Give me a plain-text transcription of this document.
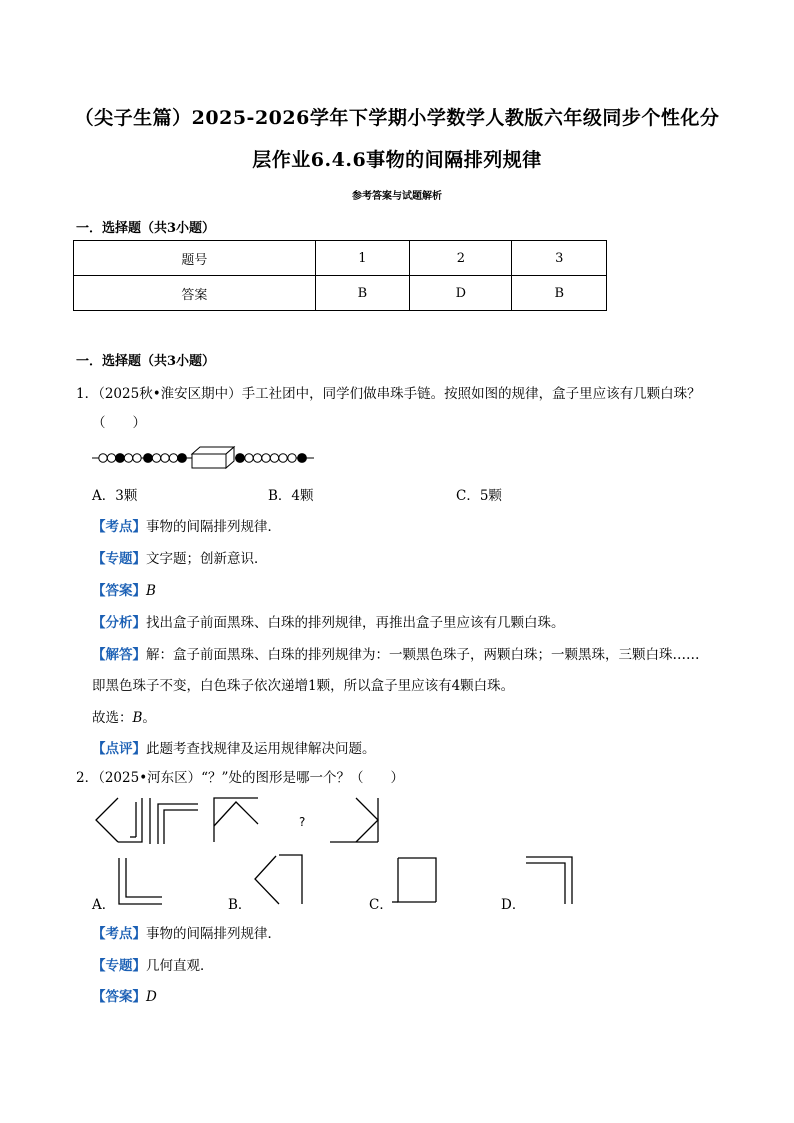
（尖子生篇）2025-2026学年下学期小学数学人教版六年级同步个性化分
层作业6.4.6事物的间隔排列规律
参考答案与试题解析
一．选择题（共3小题）
题号	1	2	3
答案	B	D	B
一．选择题（共3小题）
1．（2025秋•淮安区期中）手工社团中，同学们做串珠手链。按照如图的规律，盒子里应该有几颗白珠？
（　　）
A．3颗	B．4颗	C．5颗
【考点】事物的间隔排列规律．
【专题】文字题；创新意识．
【答案】B
【分析】找出盒子前面黑珠、白珠的排列规律，再推出盒子里应该有几颗白珠。
【解答】解：盒子前面黑珠、白珠的排列规律为：一颗黑色珠子，两颗白珠；一颗黑珠，三颗白珠……
即黑色珠子不变，白色珠子依次递增1颗，所以盒子里应该有4颗白珠。
故选：B。
【点评】此题考查找规律及运用规律解决问题。
2．（2025•河东区）“？”处的图形是哪一个？（　　）
?
A．	B．	C．	D．
【考点】事物的间隔排列规律．
【专题】几何直观．
【答案】D
